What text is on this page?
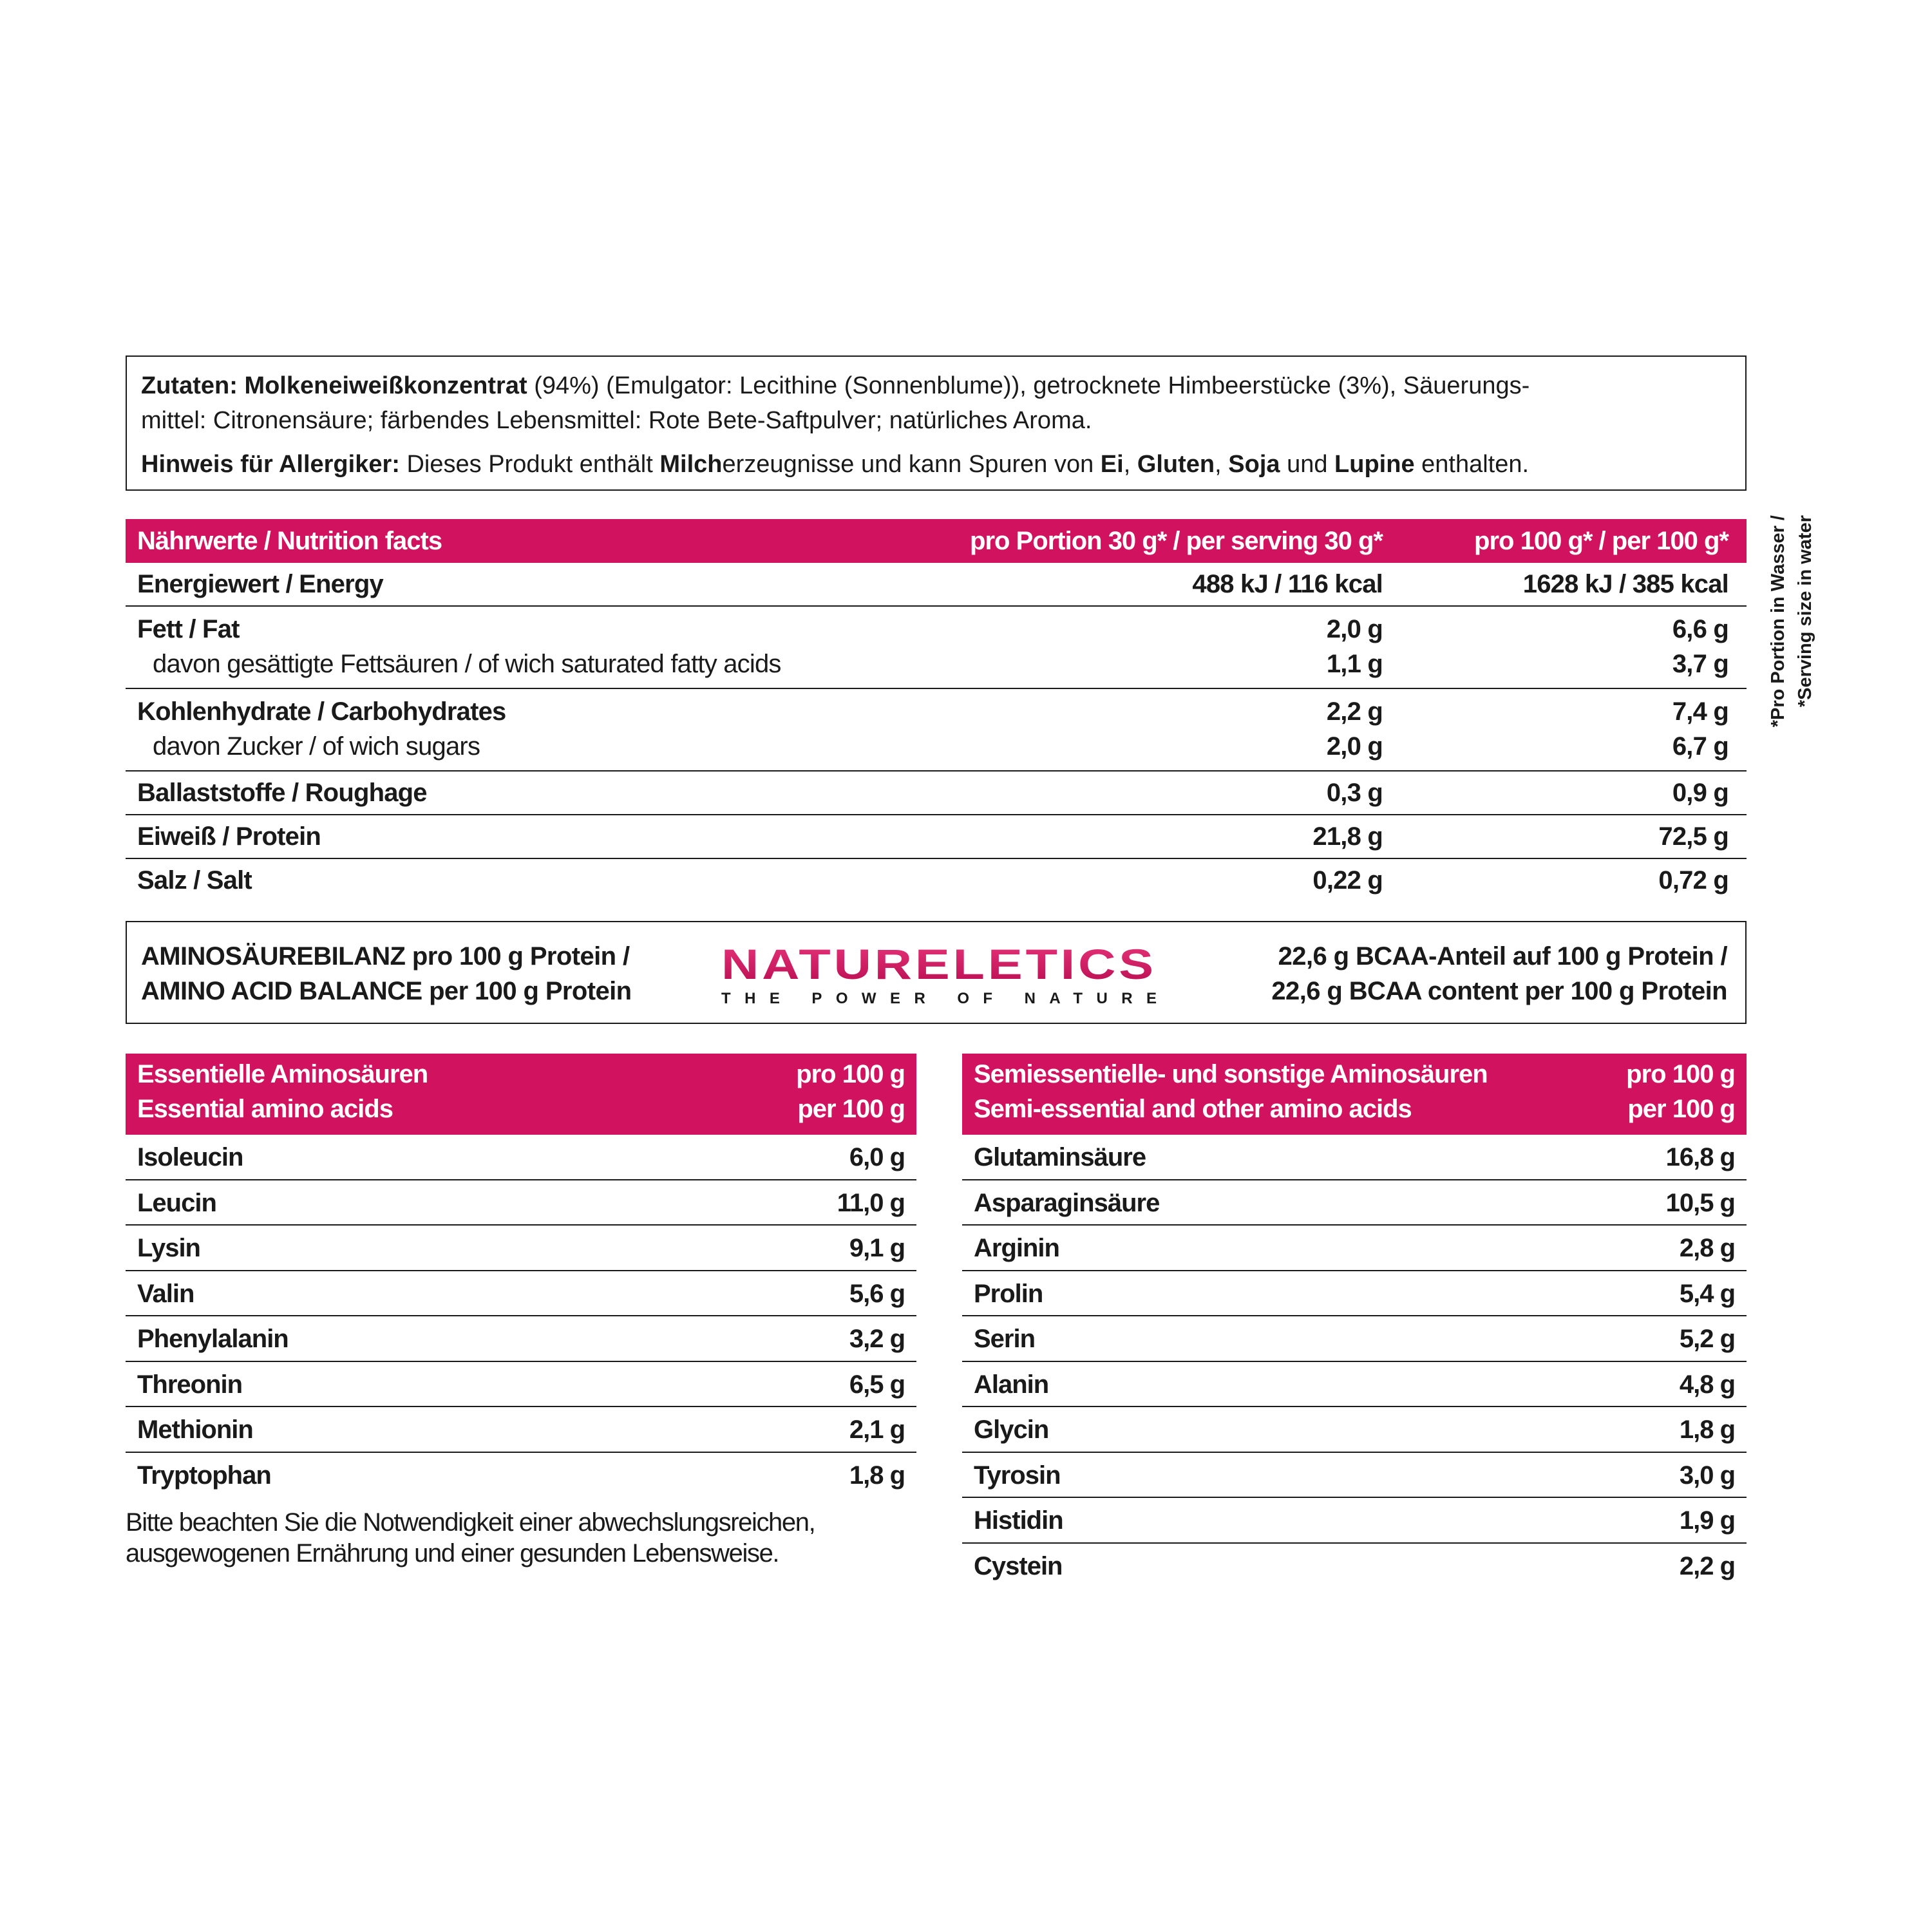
Zutaten: Molkeneiweißkonzentrat (94%) (Emulgator: Lecithine (Sonnenblume)), getrocknete Himbeerstücke (3%), Säuerungs-
mittel: Citronensäure; färbendes Lebensmittel: Rote Bete-Saftpulver; natürliches Aroma.

Hinweis für Allergiker: Dieses Produkt enthält Milcherzeugnisse und kann Spuren von Ei, Gluten, Soja und Lupine enthalten.

Nährwerte / Nutrition facts	pro Portion 30 g* / per serving 30 g*	pro 100 g* / per 100 g*
Energiewert / Energy	488 kJ / 116 kcal	1628 kJ / 385 kcal
Fett / Fat	2,0 g	6,6 g
davon gesättigte Fettsäuren / of wich saturated fatty acids	1,1 g	3,7 g
Kohlenhydrate / Carbohydrates	2,2 g	7,4 g
davon Zucker / of wich sugars	2,0 g	6,7 g
Ballaststoffe / Roughage	0,3 g	0,9 g
Eiweiß / Protein	21,8 g	72,5 g
Salz / Salt	0,22 g	0,72 g
*Pro Portion in Wasser / *Serving size in water
AMINOSÄUREBILANZ pro 100 g Protein /
AMINO ACID BALANCE per 100 g Protein
NATURELETICS
THE POWER OF NATURE
22,6 g BCAA-Anteil auf 100 g Protein /
22,6 g BCAA content per 100 g Protein
Essentielle Aminosäuren
Essential amino acids
pro 100 g
per 100 g
Isoleucin	6,0 g
Leucin	11,0 g
Lysin	9,1 g
Valin	5,6 g
Phenylalanin	3,2 g
Threonin	6,5 g
Methionin	2,1 g
Tryptophan	1,8 g
Semiessentielle- und sonstige Aminosäuren
Semi-essential and other amino acids
pro 100 g
per 100 g
Glutaminsäure	16,8 g
Asparaginsäure	10,5 g
Arginin	2,8 g
Prolin	5,4 g
Serin	5,2 g
Alanin	4,8 g
Glycin	1,8 g
Tyrosin	3,0 g
Histidin	1,9 g
Cystein	2,2 g
Bitte beachten Sie die Notwendigkeit einer abwechslungsreichen,
ausgewogenen Ernährung und einer gesunden Lebensweise.
